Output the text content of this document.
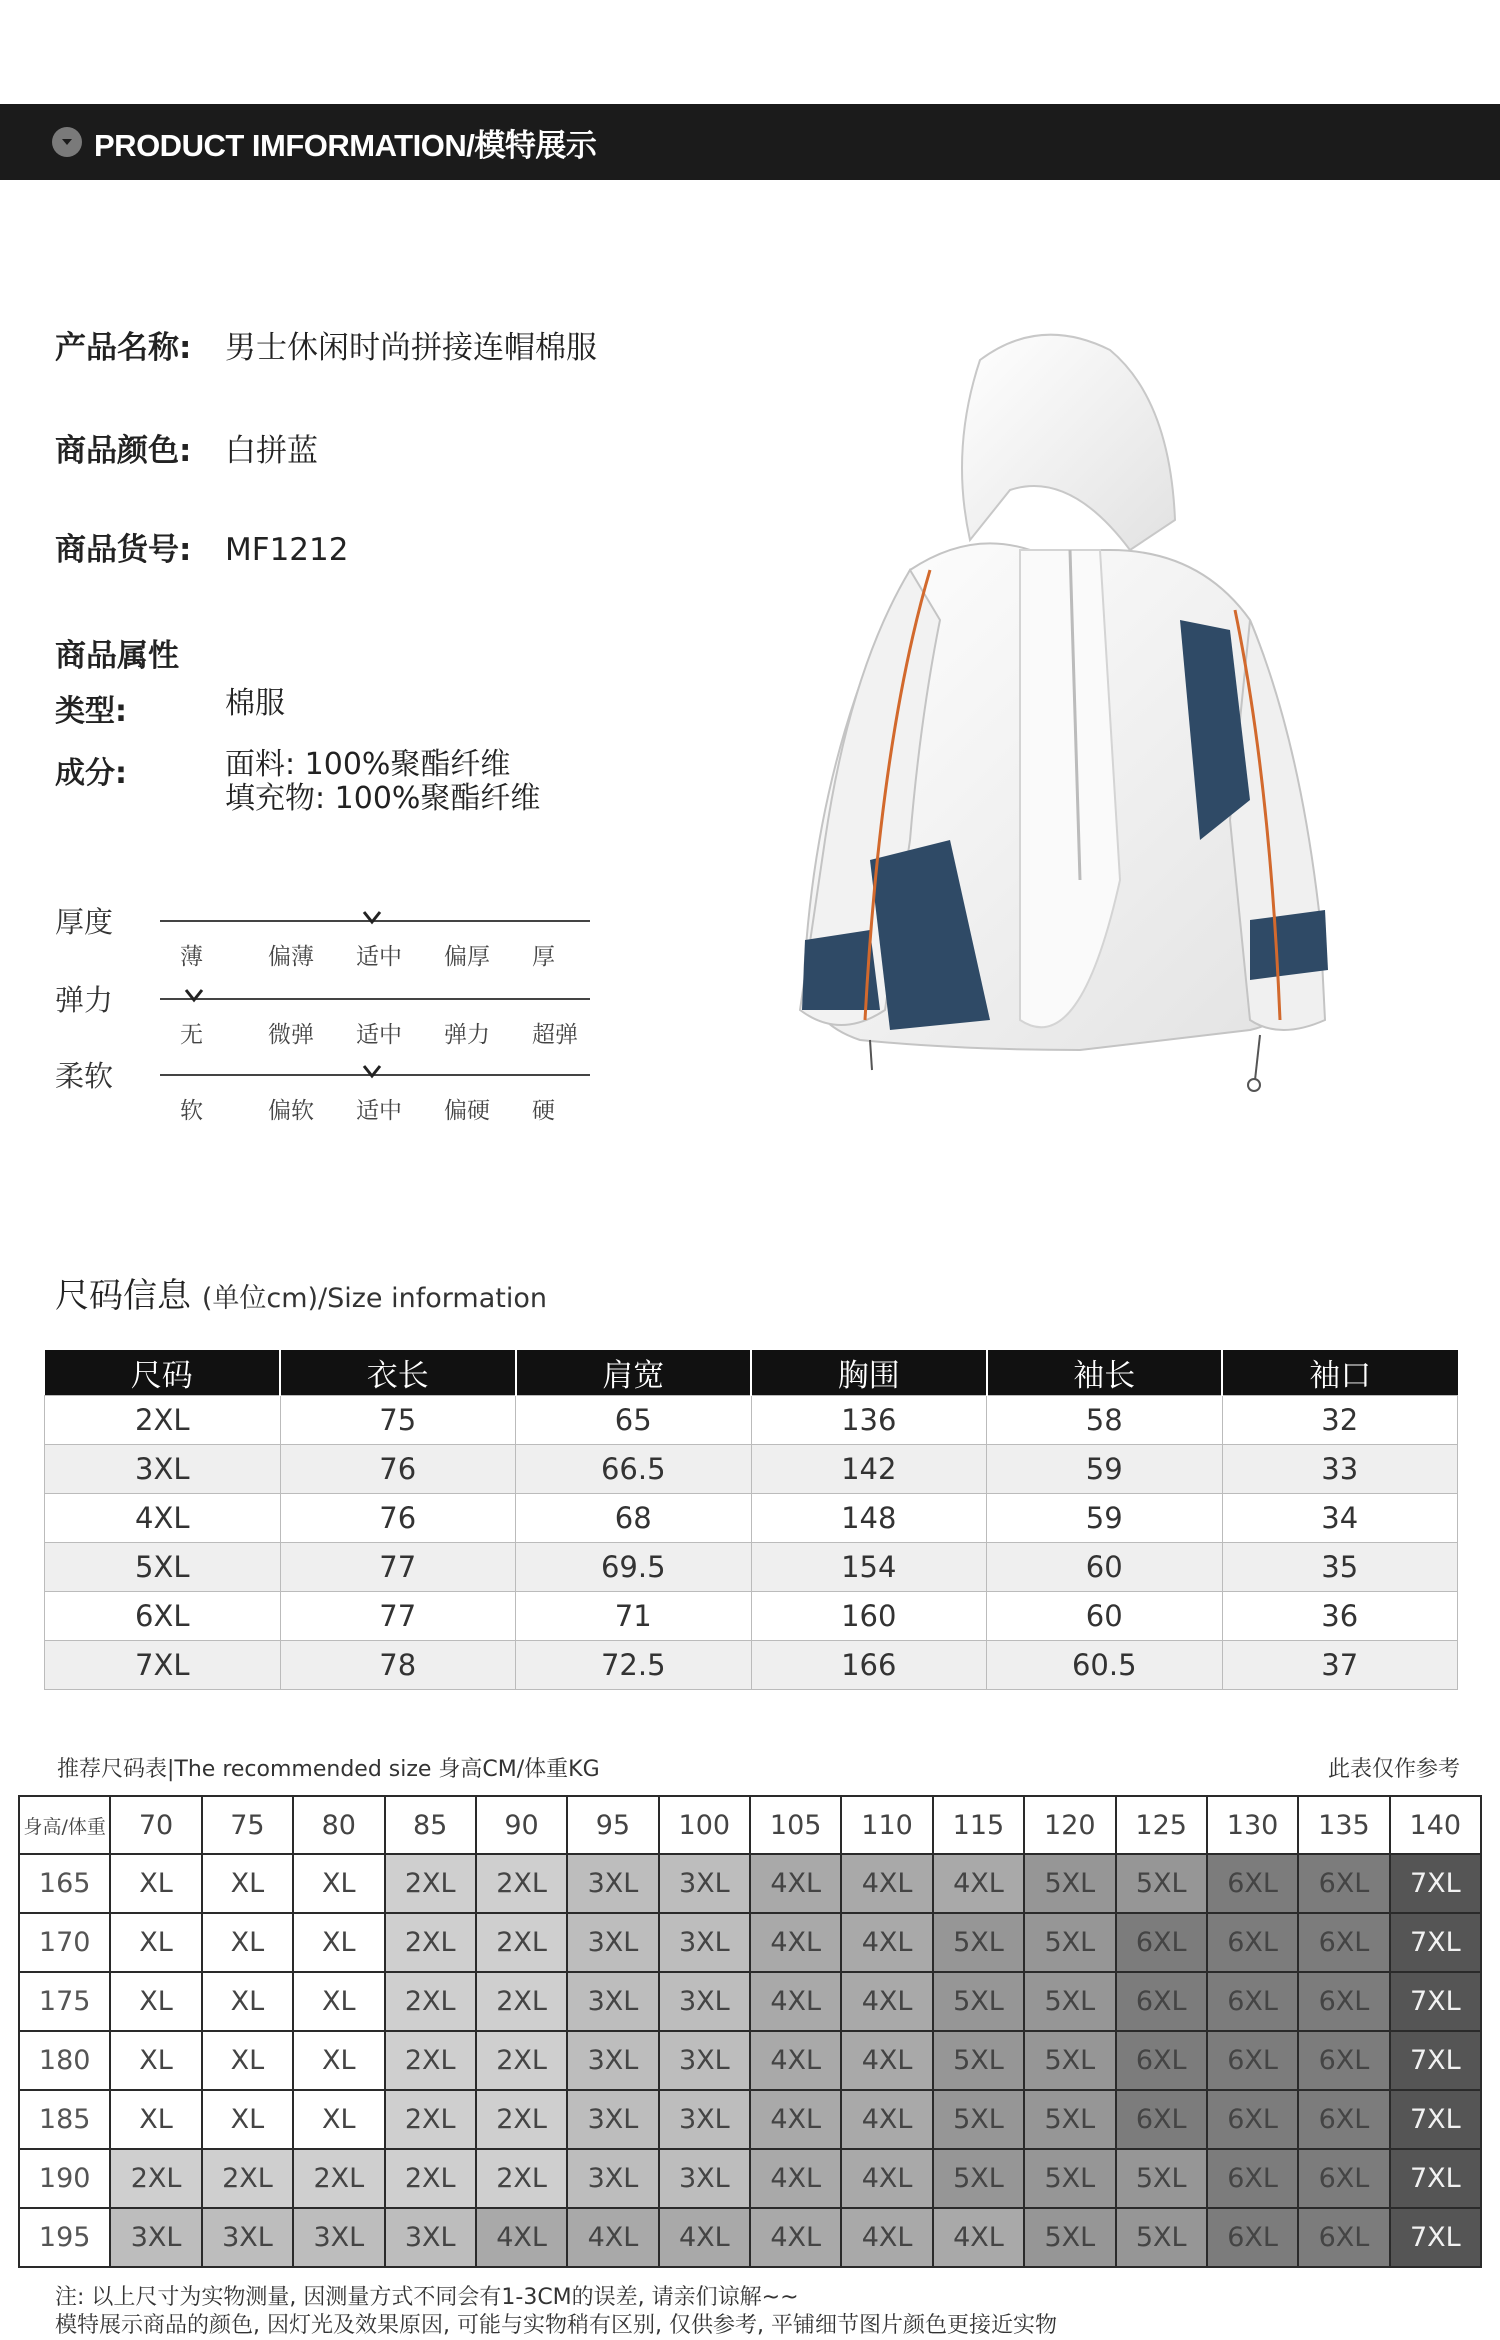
PRODUCT IMFORMATION/模特展示
产品名称: 男士休闲时尚拼接连帽棉服
商品颜色: 白拼蓝
商品货号: MF1212
商品属性
类型:	棉服
成分:	面料: 100%聚酯纤维
填充物: 100%聚酯纤维
厚度
薄	偏薄	适中	偏厚	厚
弹力
无	微弹	适中	弹力	超弹
柔软
软	偏软	适中	偏硬	硬
尺码信息 (单位cm)/Size information
尺码	衣长	肩宽	胸围	袖长	袖口
2XL	75	65	136	58	32
3XL	76	66.5	142	59	33
4XL	76	68	148	59	34
5XL	77	69.5	154	60	35
6XL	77	71	160	60	36
7XL	78	72.5	166	60.5	37
推荐尺码表|The recommended size 身高CM/体重KG	此表仅作参考
身高/体重	70	75	80	85	90	95	100	105	110	115	120	125	130	135	140
165	XL	XL	XL	2XL	2XL	3XL	3XL	4XL	4XL	4XL	5XL	5XL	6XL	6XL	7XL
170	XL	XL	XL	2XL	2XL	3XL	3XL	4XL	4XL	5XL	5XL	6XL	6XL	6XL	7XL
175	XL	XL	XL	2XL	2XL	3XL	3XL	4XL	4XL	5XL	5XL	6XL	6XL	6XL	7XL
180	XL	XL	XL	2XL	2XL	3XL	3XL	4XL	4XL	5XL	5XL	6XL	6XL	6XL	7XL
185	XL	XL	XL	2XL	2XL	3XL	3XL	4XL	4XL	5XL	5XL	6XL	6XL	6XL	7XL
190	2XL	2XL	2XL	2XL	2XL	3XL	3XL	4XL	4XL	5XL	5XL	5XL	6XL	6XL	7XL
195	3XL	3XL	3XL	3XL	4XL	4XL	4XL	4XL	4XL	4XL	5XL	5XL	6XL	6XL	7XL
注: 以上尺寸为实物测量, 因测量方式不同会有1-3CM的误差, 请亲们谅解~~
模特展示商品的颜色, 因灯光及效果原因, 可能与实物稍有区别, 仅供参考, 平铺细节图片颜色更接近实物
